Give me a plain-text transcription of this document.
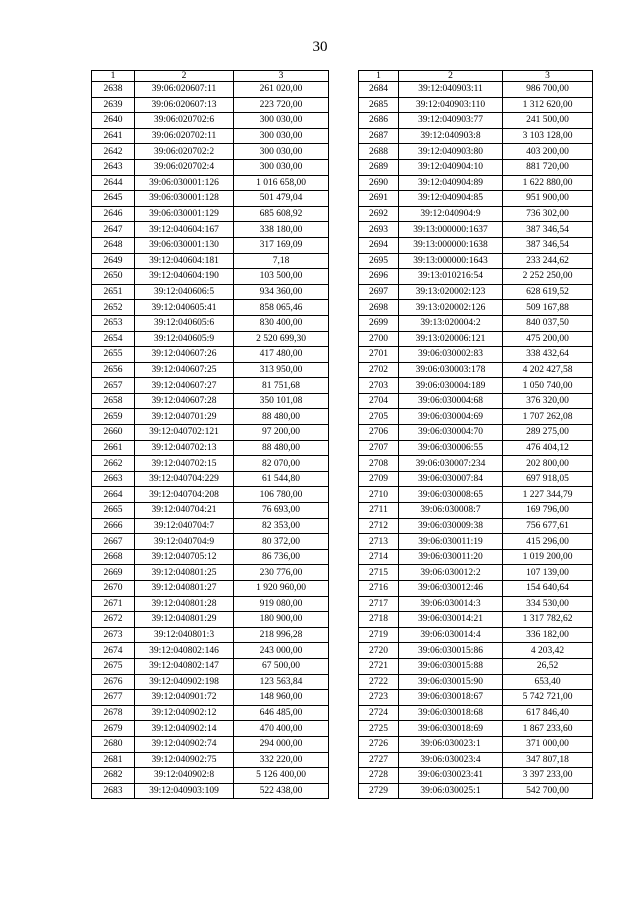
30
1	2	3
2638	39:06:020607:11	261 020,00
2639	39:06:020607:13	223 720,00
2640	39:06:020702:6	300 030,00
2641	39:06:020702:11	300 030,00
2642	39:06:020702:2	300 030,00
2643	39:06:020702:4	300 030,00
2644	39:06:030001:126	1 016 658,00
2645	39:06:030001:128	501 479,04
2646	39:06:030001:129	685 608,92
2647	39:12:040604:167	338 180,00
2648	39:06:030001:130	317 169,09
2649	39:12:040604:181	7,18
2650	39:12:040604:190	103 500,00
2651	39:12:040606:5	934 360,00
2652	39:12:040605:41	858 065,46
2653	39:12:040605:6	830 400,00
2654	39:12:040605:9	2 520 699,30
2655	39:12:040607:26	417 480,00
2656	39:12:040607:25	313 950,00
2657	39:12:040607:27	81 751,68
2658	39:12:040607:28	350 101,08
2659	39:12:040701:29	88 480,00
2660	39:12:040702:121	97 200,00
2661	39:12:040702:13	88 480,00
2662	39:12:040702:15	82 070,00
2663	39:12:040704:229	61 544,80
2664	39:12:040704:208	106 780,00
2665	39:12:040704:21	76 693,00
2666	39:12:040704:7	82 353,00
2667	39:12:040704:9	80 372,00
2668	39:12:040705:12	86 736,00
2669	39:12:040801:25	230 776,00
2670	39:12:040801:27	1 920 960,00
2671	39:12:040801:28	919 080,00
2672	39:12:040801:29	180 900,00
2673	39:12:040801:3	218 996,28
2674	39:12:040802:146	243 000,00
2675	39:12:040802:147	67 500,00
2676	39:12:040902:198	123 563,84
2677	39:12:040901:72	148 960,00
2678	39:12:040902:12	646 485,00
2679	39:12:040902:14	470 400,00
2680	39:12:040902:74	294 000,00
2681	39:12:040902:75	332 220,00
2682	39:12:040902:8	5 126 400,00
2683	39:12:040903:109	522 438,00
1	2	3
2684	39:12:040903:11	986 700,00
2685	39:12:040903:110	1 312 620,00
2686	39:12:040903:77	241 500,00
2687	39:12:040903:8	3 103 128,00
2688	39:12:040903:80	403 200,00
2689	39:12:040904:10	881 720,00
2690	39:12:040904:89	1 622 880,00
2691	39:12:040904:85	951 900,00
2692	39:12:040904:9	736 302,00
2693	39:13:000000:1637	387 346,54
2694	39:13:000000:1638	387 346,54
2695	39:13:000000:1643	233 244,62
2696	39:13:010216:54	2 252 250,00
2697	39:13:020002:123	628 619,52
2698	39:13:020002:126	509 167,88
2699	39:13:020004:2	840 037,50
2700	39:13:020006:121	475 200,00
2701	39:06:030002:83	338 432,64
2702	39:06:030003:178	4 202 427,58
2703	39:06:030004:189	1 050 740,00
2704	39:06:030004:68	376 320,00
2705	39:06:030004:69	1 707 262,08
2706	39:06:030004:70	289 275,00
2707	39:06:030006:55	476 404,12
2708	39:06:030007:234	202 800,00
2709	39:06:030007:84	697 918,05
2710	39:06:030008:65	1 227 344,79
2711	39:06:030008:7	169 796,00
2712	39:06:030009:38	756 677,61
2713	39:06:030011:19	415 296,00
2714	39:06:030011:20	1 019 200,00
2715	39:06:030012:2	107 139,00
2716	39:06:030012:46	154 640,64
2717	39:06:030014:3	334 530,00
2718	39:06:030014:21	1 317 782,62
2719	39:06:030014:4	336 182,00
2720	39:06:030015:86	4 203,42
2721	39:06:030015:88	26,52
2722	39:06:030015:90	653,40
2723	39:06:030018:67	5 742 721,00
2724	39:06:030018:68	617 846,40
2725	39:06:030018:69	1 867 233,60
2726	39:06:030023:1	371 000,00
2727	39:06:030023:4	347 807,18
2728	39:06:030023:41	3 397 233,00
2729	39:06:030025:1	542 700,00
